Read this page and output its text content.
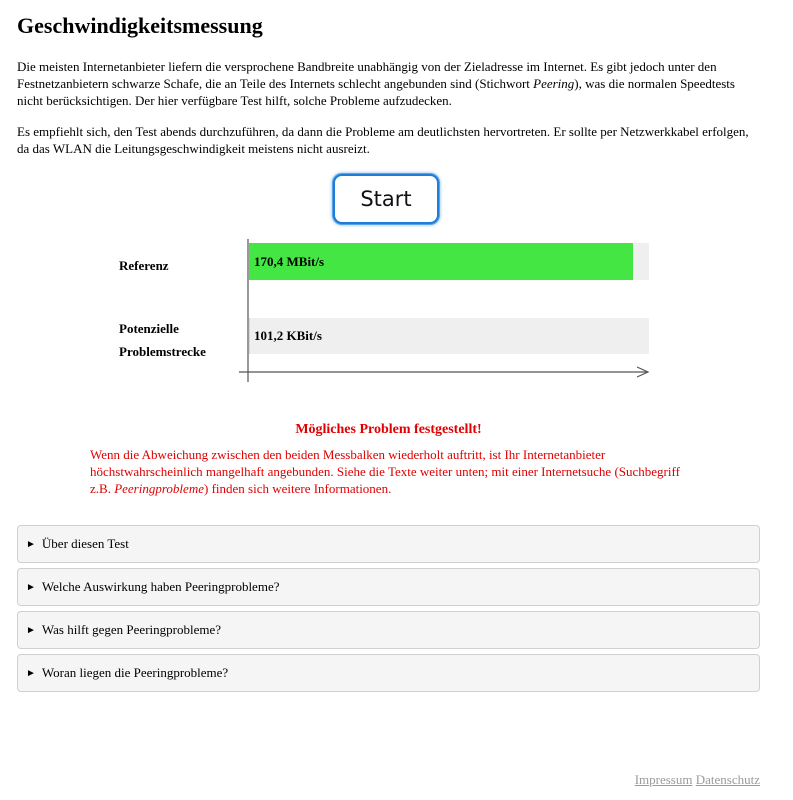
Geschwindigkeitsmessung

Die meisten Internetanbieter liefern die versprochene Bandbreite unabhängig von der Zieladresse im Internet. Es gibt jedoch unter den Festnetzanbietern schwarze Schafe, die an Teile des Internets schlecht angebunden sind (Stichwort Peering), was die normalen Speedtests nicht berücksichtigen. Der hier verfügbare Test hilft, solche Probleme aufzudecken.

Es empfiehlt sich, den Test abends durchzuführen, da dann die Probleme am deutlichsten hervortreten. Er sollte per Netzwerkkabel erfolgen, da das WLAN die Leitungsgeschwindigkeit meistens nicht ausreizt.

Start
Referenz
Potenzielle
Problemstrecke
170,4 MBit/s
101,2 KBit/s
Mögliches Problem festgestellt!
Wenn die Abweichung zwischen den beiden Messbalken wiederholt auftritt, ist Ihr Internetanbieter höchstwahrscheinlich mangelhaft angebunden. Siehe die Texte weiter unten; mit einer Internetsuche (Suchbegriff z.B. Peeringprobleme) finden sich weitere Informationen.
► Über diesen Test
► Welche Auswirkung haben Peeringprobleme?
► Was hilft gegen Peeringprobleme?
► Woran liegen die Peeringprobleme?
Impressum Datenschutz
